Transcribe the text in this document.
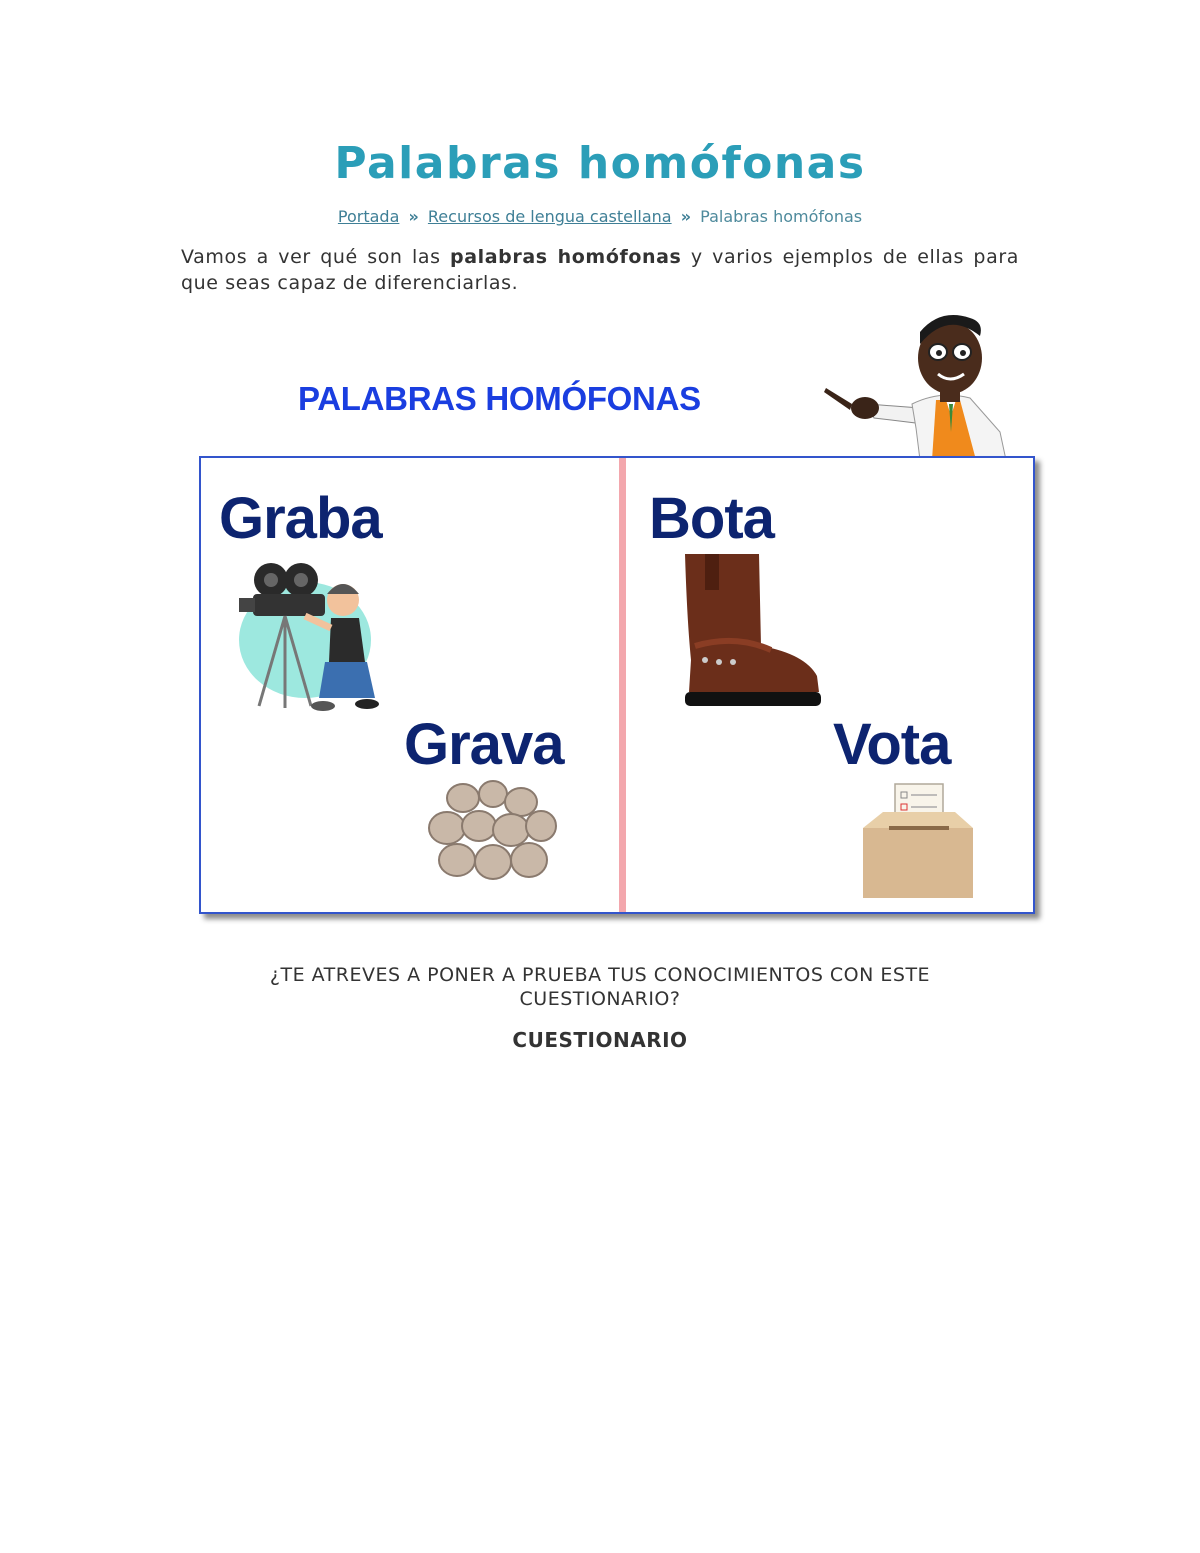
Palabras homófonas
Portada » Recursos de lengua castellana » Palabras homófonas

Vamos a ver qué son las palabras homófonas y varios ejemplos de ellas para que seas capaz de diferenciarlas.

PALABRAS HOMÓFONAS
Graba
Grava
Bota
Vota

¿TE ATREVES A PONER A PRUEBA TUS CONOCIMIENTOS CON ESTE CUESTIONARIO?

CUESTIONARIO
